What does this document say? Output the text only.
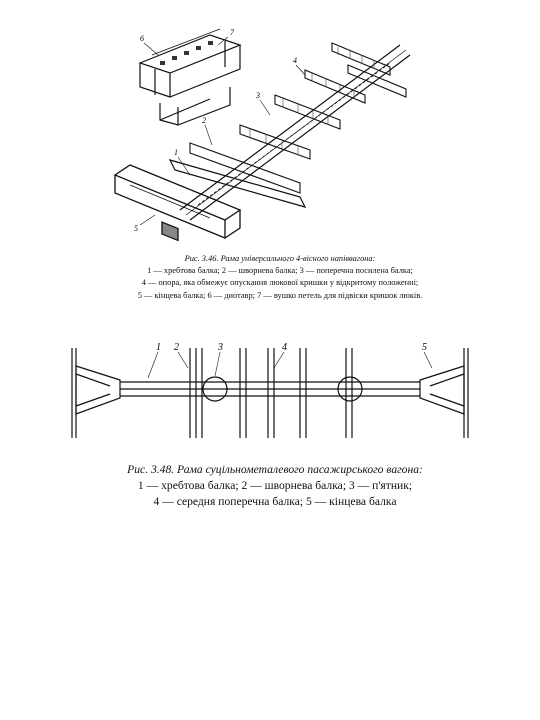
6
7
1
2
3
4
5
Рис. 3.46. Рама універсального 4-вісного напіввагона:
1 — хребтова балка; 2 — шворнева балка; 3 — поперечна посилена балка;
4 — опора, яка обмежує опускання люкової кришки у відкритому положенні;
5 — кінцева балка; 6 — диотавр; 7 — вушко петель для підвіски кришок люків.
1 2	3	4	5
Рис. 3.48. Рама суцільнометалевого пасажирського вагона:
1 — хребтова балка; 2 — шворнева балка; 3 — п'ятник;
4 — середня поперечна балка; 5 — кінцева балка
